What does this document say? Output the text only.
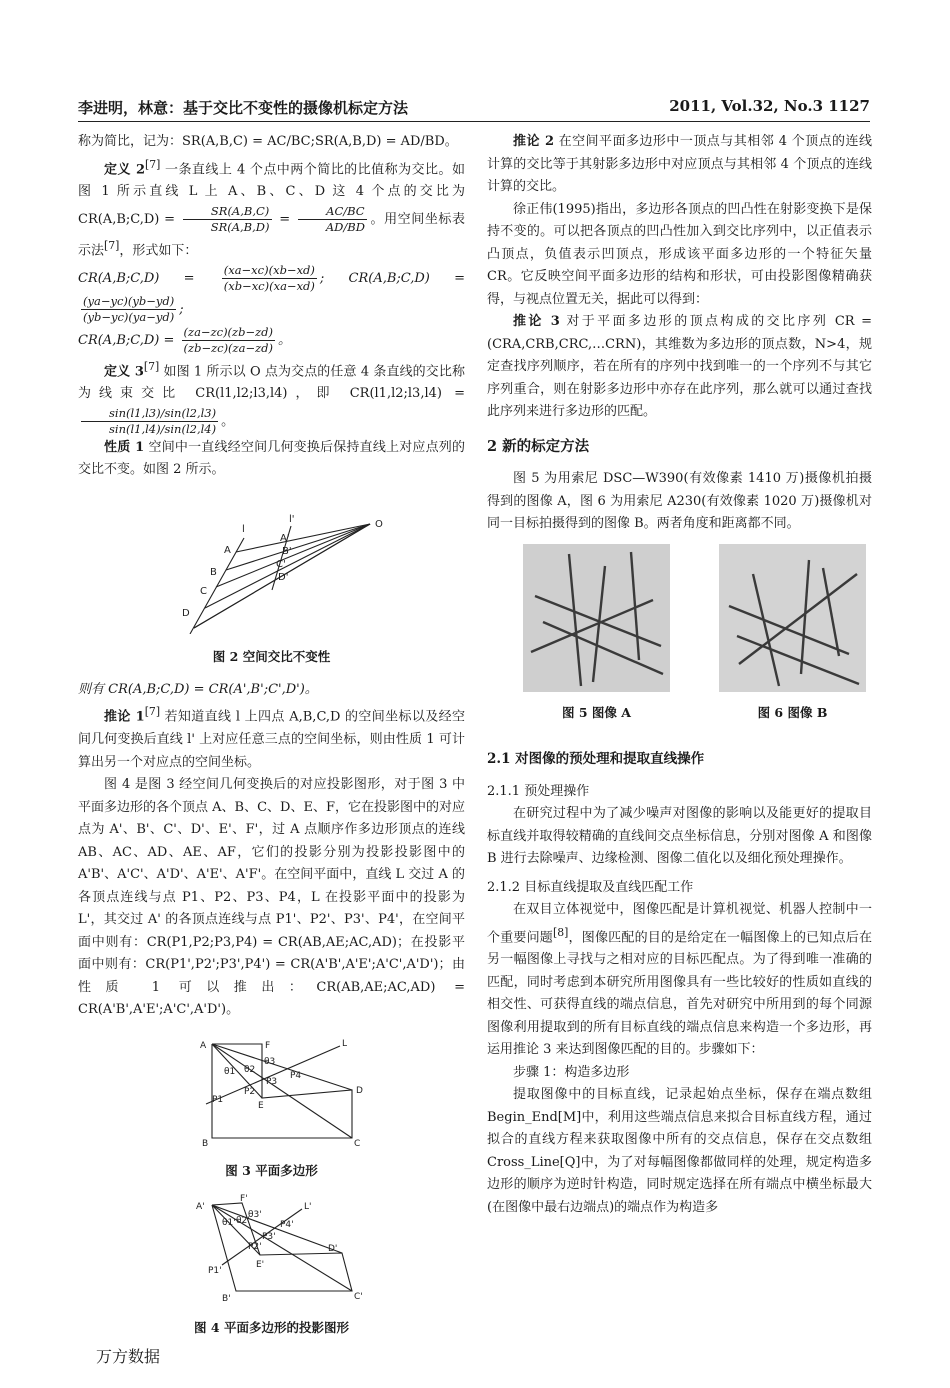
李进明，林意：基于交比不变性的摄像机标定方法	2011, Vol.32, No.3 1127

称为简比，记为：SR(A,B,C) = AC/BC;SR(A,B,D) = AD/BD。

定义 2[7] 一条直线上 4 个点中两个简比的比值称为交比。如图 1 所示直线 L 上 A、B、C、D 这 4 个点的交比为 CR(A,B;C,D) = $\frac{SR(A,B,C)}{SR(A,B,D)} = \frac{AC/BC}{AD/BD}$ 。用空间坐标表示法[7]，形式如下：

CR(A,B;C,D) = $\frac{(xa-xc)(xb-xd)}{(xb-xc)(xa-xd)}$ ; CR(A,B;C,D) =
$\frac{(ya-yc)(yb-yd)}{(yb-yc)(ya-yd)}$ ;

CR(A,B;C,D) = $\frac{(za-zc)(zb-zd)}{(zb-zc)(za-zd)}$ 。

定义 3[7] 如图 1 所示以 O 点为交点的任意 4 条直线的交比称为线束交比 CR(l1,l2;l3,l4)，即 CR(l1,l2;l3,l4) =
$\frac{\sin(l1,l3)/\sin(l2,l3)}{\sin(l1,l4)/\sin(l2,l4)}$ 。

性质 1 空间中一直线经空间几何变换后保持直线上对应点列的交比不变。如图 2 所示。

O
l
l'
A
B
C
D
A'
B'
C'
D'
图 2 空间交比不变性

则有 CR(A,B;C,D) = CR(A',B';C',D')。

推论 1[7] 若知道直线 l 上四点 A,B,C,D 的空间坐标以及经空间几何变换后直线 l' 上对应任意三点的空间坐标，则由性质 1 可计算出另一个对应点的空间坐标。

图 4 是图 3 经空间几何变换后的对应投影图形，对于图 3 中平面多边形的各个顶点 A、B、C、D、E、F，它在投影图中的对应点为 A'、B'、C'、D'、E'、F'，过 A 点顺序作多边形顶点的连线 AB、AC、AD、AE、AF，它们的投影分别为投影投影图中的 A'B'、A'C'、A'D'、A'E'、A'F'。在空间平面中，直线 L 交过 A 的各顶点连线与点 P1、P2、P3、P4，L 在投影平面中的投影为 L'，其交过 A' 的各顶点连线与点 P1'、P2'、P3'、P4'，在空间平面中则有：CR(P1,P2;P3,P4) = CR(AB,AE;AC,AD)；在投影平面中则有：CR(P1',P2';P3',P4') = CR(A'B',A'E';A'C',A'D')；由性质 1 可以推出：CR(AB,AE;AC,AD) = CR(A'B',A'E';A'C',A'D')。

A
B	C
D
E
F	L
P1
P2
P3
P4
θ1 θ2
θ3
图 3 平面多边形
A'
B'	C'
D'
E'
F'
L'
P1'
P2'
P3'
P4'
θ1' θ2'
θ3'
图 4 平面多边形的投影图形

推论 2 在空间平面多边形中一顶点与其相邻 4 个顶点的连线计算的交比等于其射影多边形中对应顶点与其相邻 4 个顶点的连线计算的交比。

徐正伟(1995)指出，多边形各顶点的凹凸性在射影变换下是保持不变的。可以把各顶点的凹凸性加入到交比序列中，以正值表示凸顶点，负值表示凹顶点，形成该平面多边形的一个特征矢量 CR。它反映空间平面多边形的结构和形状，可由投影图像精确获得，与视点位置无关，据此可以得到：

推论 3 对于平面多边形的顶点构成的交比序列 CR = (CRA,CRB,CRC,…CRN)，其维数为多边形的顶点数，N>4，规定查找序列顺序，若在所有的序列中找到唯一的一个序列不与其它序列重合，则在射影多边形中亦存在此序列，那么就可以通过查找此序列来进行多边形的匹配。

2 新的标定方法

图 5 为用索尼 DSC—W390(有效像素 1410 万)摄像机拍摄得到的图像 A，图 6 为用索尼 A230(有效像素 1020 万)摄像机对同一目标拍摄得到的图像 B。两者角度和距离都不同。

图 5 图像 A	图 6 图像 B
2.1 对图像的预处理和提取直线操作
2.1.1 预处理操作

在研究过程中为了减少噪声对图像的影响以及能更好的提取目标直线并取得较精确的直线间交点坐标信息，分别对图像 A 和图像 B 进行去除噪声、边缘检测、图像二值化以及细化预处理操作。

2.1.2 目标直线提取及直线匹配工作

在双目立体视觉中，图像匹配是计算机视觉、机器人控制中一个重要问题[8]，图像匹配的目的是给定在一幅图像上的已知点后在另一幅图像上寻找与之相对应的目标匹配点。为了得到唯一准确的匹配，同时考虑到本研究所用图像具有一些比较好的性质如直线的相交性、可获得直线的端点信息，首先对研究中所用到的每个同源图像利用提取到的所有目标直线的端点信息来构造一个多边形，再运用推论 3 来达到图像匹配的目的。步骤如下：

步骤 1：构造多边形

提取图像中的目标直线，记录起始点坐标，保存在端点数组 Begin_End[M]中，利用这些端点信息来拟合目标直线方程，通过拟合的直线方程来获取图像中所有的交点信息，保存在交点数组 Cross_Line[Q]中，为了对每幅图像都做同样的处理，规定构造多边形的顺序为逆时针构造，同时规定选择在所有端点中横坐标最大(在图像中最右边端点)的端点作为构造多

万方数据
